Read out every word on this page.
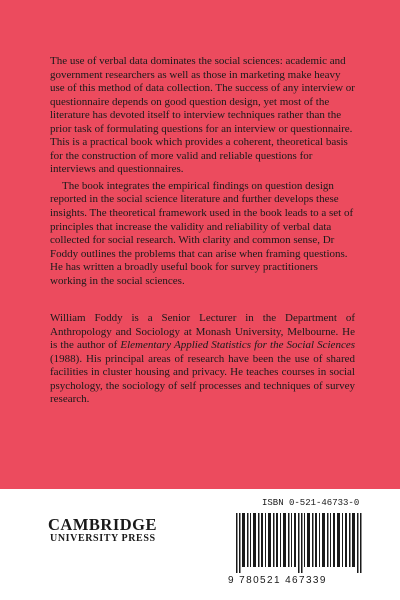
The use of verbal data dominates the social sciences: academic and government researchers as well as those in marketing make heavy use of this method of data collection. The success of any interview or questionnaire depends on good question design, yet most of the literature has devoted itself to interview techniques rather than the prior task of formulating questions for an interview or questionnaire. This is a practical book which provides a coherent, theoretical basis for the construction of more valid and reliable questions for interviews and questionnaires.

The book integrates the empirical findings on question design reported in the social science literature and further develops these insights. The theoretical framework used in the book leads to a set of principles that increase the validity and reliability of verbal data collected for social research. With clarity and common sense, Dr Foddy outlines the problems that can arise when framing questions. He has written a broadly useful book for survey practitioners working in the social sciences.

William Foddy is a Senior Lecturer in the Department of Anthropology and Sociology at Monash University, Melbourne. He is the author of Elementary Applied Statistics for the Social Sciences (1988). His principal areas of research have been the use of shared facilities in cluster housing and privacy. He teaches courses in social psychology, the sociology of self processes and techniques of survey research.
CAMBRIDGE
UNIVERSITY PRESS
ISBN 0-521-46733-0
9 780521 467339
